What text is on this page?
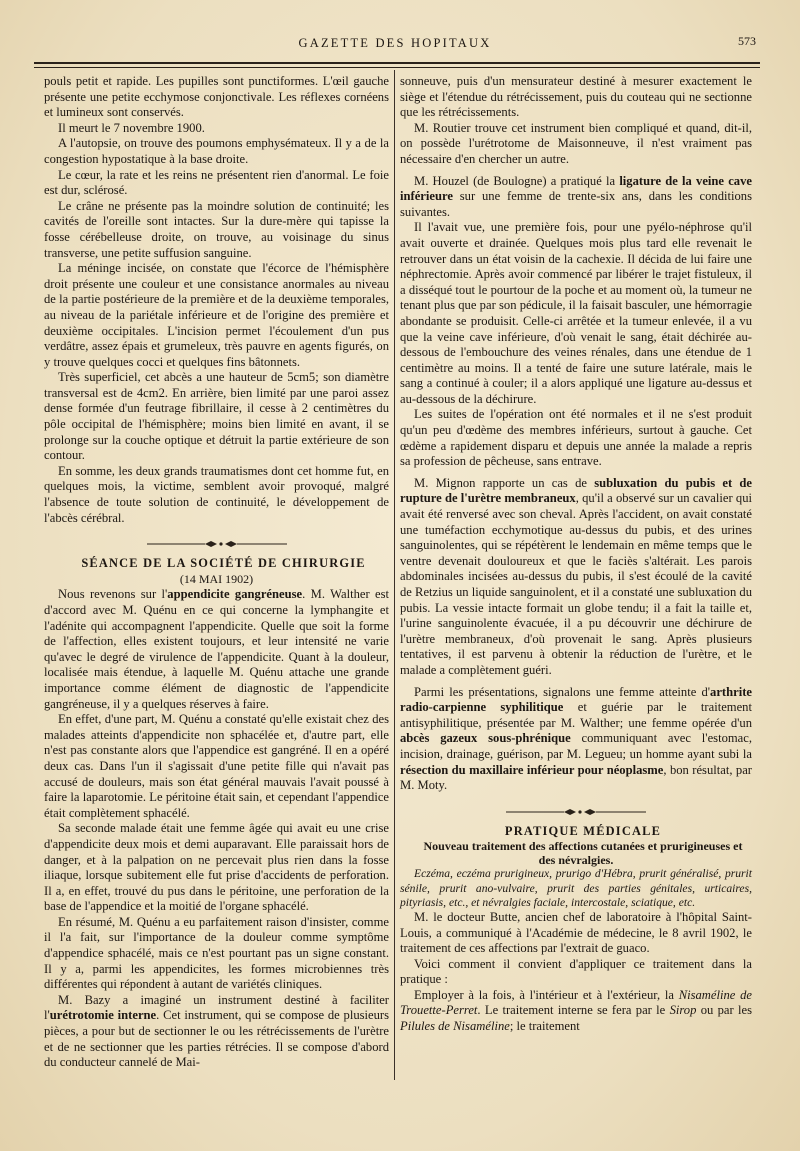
GAZETTE DES HOPITAUX	573

pouls petit et rapide. Les pupilles sont punctiformes. L'œil gauche présente une petite ecchymose conjonctivale. Les réflexes cornéens et lumineux sont conservés.

Il meurt le 7 novembre 1900.

A l'autopsie, on trouve des poumons emphysémateux. Il y a de la congestion hypostatique à la base droite.

Le cœur, la rate et les reins ne présentent rien d'anormal. Le foie est dur, sclérosé.

Le crâne ne présente pas la moindre solution de continuité; les cavités de l'oreille sont intactes. Sur la dure-mère qui tapisse la fosse cérébelleuse droite, on trouve, au voisinage du sinus transverse, une petite suffusion sanguine.

La méninge incisée, on constate que l'écorce de l'hémisphère droit présente une couleur et une consistance anormales au niveau de la partie postérieure de la première et de la deuxième temporales, au niveau de la pariétale inférieure et de l'origine des première et deuxième occipitales. L'incision permet l'écoulement d'un pus verdâtre, assez épais et grumeleux, très pauvre en agents figurés, on y trouve quelques cocci et quelques fins bâtonnets.

Très superficiel, cet abcès a une hauteur de 5cm5; son diamètre transversal est de 4cm2. En arrière, bien limité par une paroi assez dense formée d'un feutrage fibrillaire, il cesse à 2 centimètres du pôle occipital de l'hémisphère; moins bien limité en avant, il se prolonge sur la couche optique et détruit la partie extérieure de son contour.

En somme, les deux grands traumatismes dont cet homme fut, en quelques mois, la victime, semblent avoir provoqué, malgré l'absence de toute solution de continuité, le développement de l'abcès cérébral.

SÉANCE DE LA SOCIÉTÉ DE CHIRURGIE

(14 MAI 1902)

Nous revenons sur l'appendicite gangréneuse. M. Walther est d'accord avec M. Quénu en ce qui concerne la lymphangite et l'adénite qui accompagnent l'appendicite. Quelle que soit la forme de l'affection, elles existent toujours, et leur intensité ne varie qu'avec le degré de virulence de l'appendicite. Quant à la douleur, localisée mais étendue, à laquelle M. Quénu attache une grande importance comme élément de diagnostic de l'appendicite gangréneuse, il y a quelques réserves à faire.

En effet, d'une part, M. Quénu a constaté qu'elle existait chez des malades atteints d'appendicite non sphacélée et, d'autre part, elle n'est pas constante alors que l'appendice est gangréné. Il en a opéré deux cas. Dans l'un il s'agissait d'une petite fille qui n'avait pas accusé de douleurs, mais son état général mauvais l'avait poussé à faire la laparotomie. Le péritoine était sain, et cependant l'appendice était complètement sphacélé.

Sa seconde malade était une femme âgée qui avait eu une crise d'appendicite deux mois et demi auparavant. Elle paraissait hors de danger, et à la palpation on ne percevait plus rien dans la fosse iliaque, lorsque subitement elle fut prise d'accidents de perforation. Il a, en effet, trouvé du pus dans le péritoine, une perforation de la base de l'appendice et la moitié de l'organe sphacélé.

En résumé, M. Quénu a eu parfaitement raison d'insister, comme il l'a fait, sur l'importance de la douleur comme symptôme d'appendice sphacélé, mais ce n'est pourtant pas un signe constant. Il y a, parmi les appendicites, les formes microbiennes très différentes qui répondent à autant de variétés cliniques.

M. Bazy a imaginé un instrument destiné à faciliter l'urétrotomie interne. Cet instrument, qui se compose de plusieurs pièces, a pour but de sectionner le ou les rétrécissements de l'urètre et de ne sectionner que les parties rétrécies. Il se compose d'abord du conducteur cannelé de Mai-

sonneuve, puis d'un mensurateur destiné à mesurer exactement le siège et l'étendue du rétrécissement, puis du couteau qui ne sectionne que les rétrécissements.

M. Routier trouve cet instrument bien compliqué et quand, dit-il, on possède l'urétrotome de Maisonneuve, il n'est vraiment pas nécessaire d'en chercher un autre.

M. Houzel (de Boulogne) a pratiqué la ligature de la veine cave inférieure sur une femme de trente-six ans, dans les conditions suivantes.

Il l'avait vue, une première fois, pour une pyélo-néphrose qu'il avait ouverte et drainée. Quelques mois plus tard elle revenait le retrouver dans un état voisin de la cachexie. Il décida de lui faire une néphrectomie. Après avoir commencé par libérer le trajet fistuleux, il a disséqué tout le pourtour de la poche et au moment où, la tumeur ne tenant plus que par son pédicule, il la faisait basculer, une hémorragie abondante se produisit. Celle-ci arrêtée et la tumeur enlevée, il a vu que la veine cave inférieure, d'où venait le sang, était déchirée au-dessous de l'embouchure des veines rénales, dans une étendue de 1 centimètre au moins. Il a tenté de faire une suture latérale, mais le sang a continué à couler; il a alors appliqué une ligature au-dessus et au-dessous de la déchirure.

Les suites de l'opération ont été normales et il ne s'est produit qu'un peu d'œdème des membres inférieurs, surtout à gauche. Cet œdème a rapidement disparu et depuis une année la malade a repris sa profession de pêcheuse, sans entrave.

M. Mignon rapporte un cas de subluxation du pubis et de rupture de l'urètre membraneux, qu'il a observé sur un cavalier qui avait été renversé avec son cheval. Après l'accident, on avait constaté une tuméfaction ecchymotique au-dessus du pubis, et des urines sanguinolentes, qui se répétèrent le lendemain en même temps que le ventre devenait douloureux et que le faciès s'altérait. Les parois abdominales incisées au-dessus du pubis, il s'est écoulé de la cavité de Retzius un liquide sanguinolent, et il a constaté une subluxation du pubis. La vessie intacte formait un globe tendu; il a fait la taille et, l'urine sanguinolente évacuée, il a pu découvrir une déchirure de l'urètre membraneux, d'où provenait le sang. Après plusieurs tentatives, il est parvenu à obtenir la réduction de l'urètre, et le malade a complètement guéri.

Parmi les présentations, signalons une femme atteinte d'arthrite radio-carpienne syphilitique et guérie par le traitement antisyphilitique, présentée par M. Walther; une femme opérée d'un abcès gazeux sous-phrénique communiquant avec l'estomac, incision, drainage, guérison, par M. Legueu; un homme ayant subi la résection du maxillaire inférieur pour néoplasme, bon résultat, par M. Moty.

PRATIQUE MÉDICALE

Nouveau traitement des affections cutanées et prurigineuses et des névralgies.

Eczéma, eczéma prurigineux, prurigo d'Hébra, prurit généralisé, prurit sénile, prurit ano-vulvaire, prurit des parties génitales, urticaires, pityriasis, etc., et névralgies faciale, intercostale, sciatique, etc.

M. le docteur Butte, ancien chef de laboratoire à l'hôpital Saint-Louis, a communiqué à l'Académie de médecine, le 8 avril 1902, le traitement de ces affections par l'extrait de guaco.

Voici comment il convient d'appliquer ce traitement dans la pratique :

Employer à la fois, à l'intérieur et à l'extérieur, la Nisaméline de Trouette-Perret. Le traitement interne se fera par le Sirop ou par les Pilules de Nisaméline; le traitement
